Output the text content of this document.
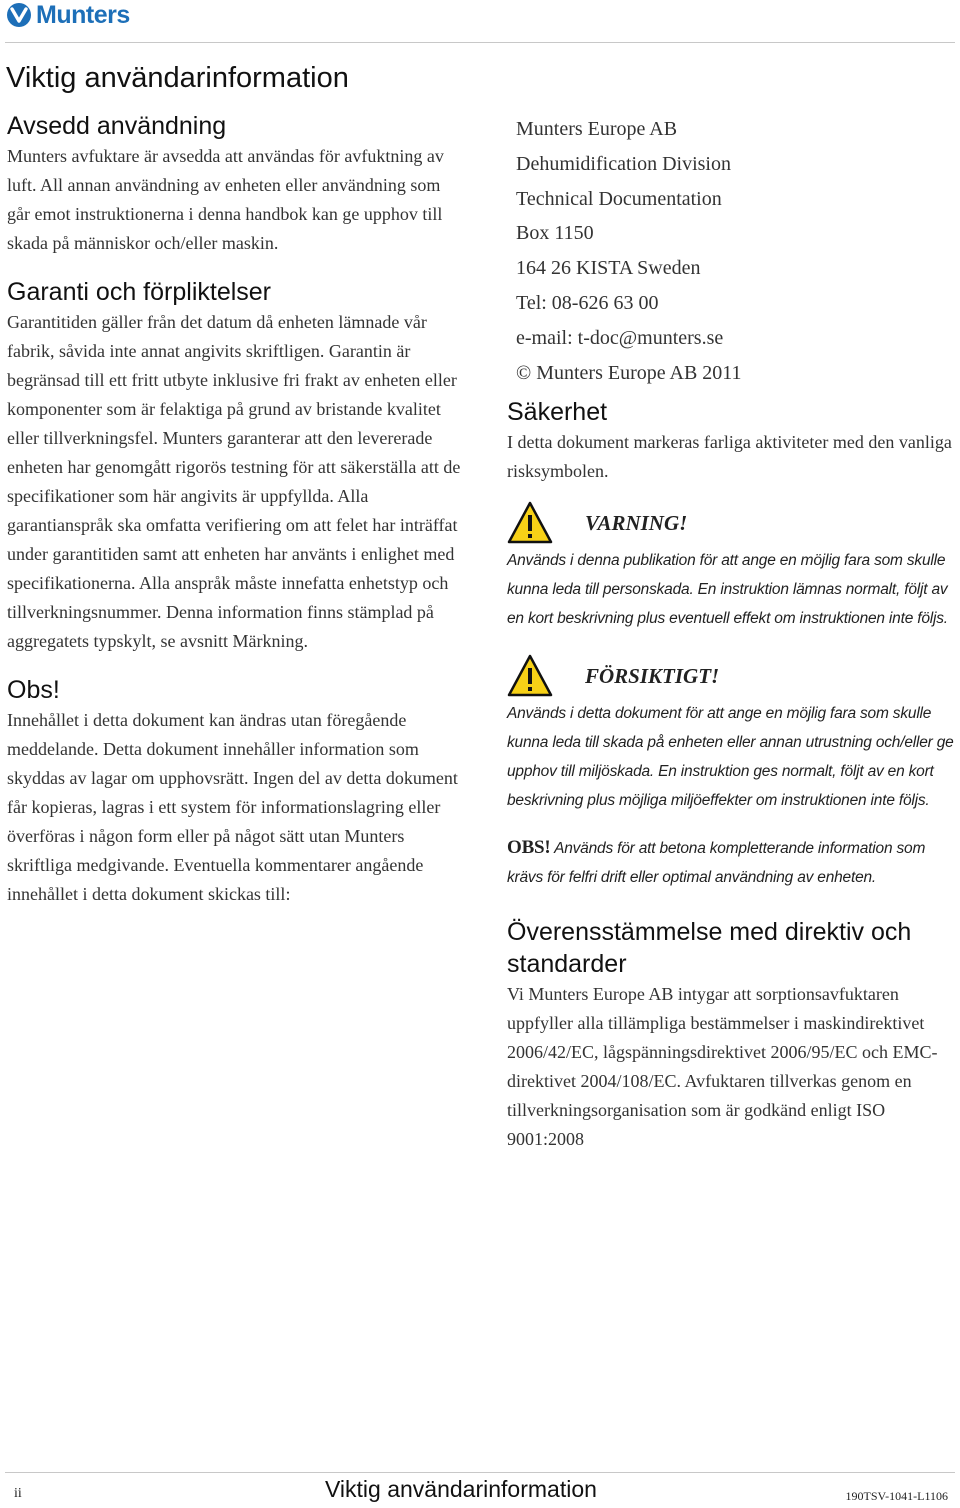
Munters
Viktig användarinformation
Avsedd användning

Munters avfuktare är avsedda att användas för avfuktning av luft. All annan användning av enheten eller användning som går emot instruktionerna i denna handbok kan ge upphov till skada på människor och/eller maskin.

Garanti och förpliktelser

Garantitiden gäller från det datum då enheten lämnade vår fabrik, såvida inte annat angivits skriftligen. Garantin är begränsad till ett fritt utbyte inklusive fri frakt av enheten eller komponenter som är felaktiga på grund av bristande kvalitet eller tillverkningsfel. Munters garanterar att den levererade enheten har genomgått rigorös testning för att säkerställa att de specifikationer som här angivits är uppfyllda. Alla garantianspråk ska omfatta verifiering om att felet har inträffat under garantitiden samt att enheten har använts i enlighet med specifikationerna. Alla anspråk måste innefatta enhetstyp och tillverkningsnummer. Denna information finns stämplad på aggregatets typskylt, se avsnitt Märkning.

Obs!

Innehållet i detta dokument kan ändras utan föregående meddelande. Detta dokument innehåller information som skyddas av lagar om upphovsrätt. Ingen del av detta dokument får kopieras, lagras i ett system för informationslagring eller överföras i någon form eller på något sätt utan Munters skriftliga medgivande. Eventuella kommentarer angående innehållet i detta dokument skickas till:

Munters Europe AB
Dehumidification Division
Technical Documentation
Box 1150
164 26 KISTA Sweden
Tel: 08-626 63 00
e-mail: t-doc@munters.se
© Munters Europe AB 2011
Säkerhet

I detta dokument markeras farliga aktiviteter med den vanliga risksymbolen.

VARNING!

Används i denna publikation för att ange en möjlig fara som skulle kunna leda till personskada. En instruktion lämnas normalt, följt av en kort beskrivning plus eventuell effekt om instruktionen inte följs.

FÖRSIKTIGT!

Används i detta dokument för att ange en möjlig fara som skulle kunna leda till skada på enheten eller annan utrustning och/eller ge upphov till miljöskada. En instruktion ges normalt, följt av en kort beskrivning plus möjliga miljöeffekter om instruktionen inte följs.

OBS! Används för att betona kompletterande information som krävs för felfri drift eller optimal användning av enheten.

Överensstämmelse med direktiv och standarder

Vi Munters Europe AB intygar att sorptionsavfuktaren uppfyller alla tillämpliga bestämmelser i maskindirektivet 2006/42/EC, lågspänningsdirektivet 2006/95/EC och EMC-direktivet 2004/108/EC. Avfuktaren tillverkas genom en tillverkningsorganisation som är godkänd enligt ISO 9001:2008

ii	Viktig användarinformation	190TSV-1041-L1106
